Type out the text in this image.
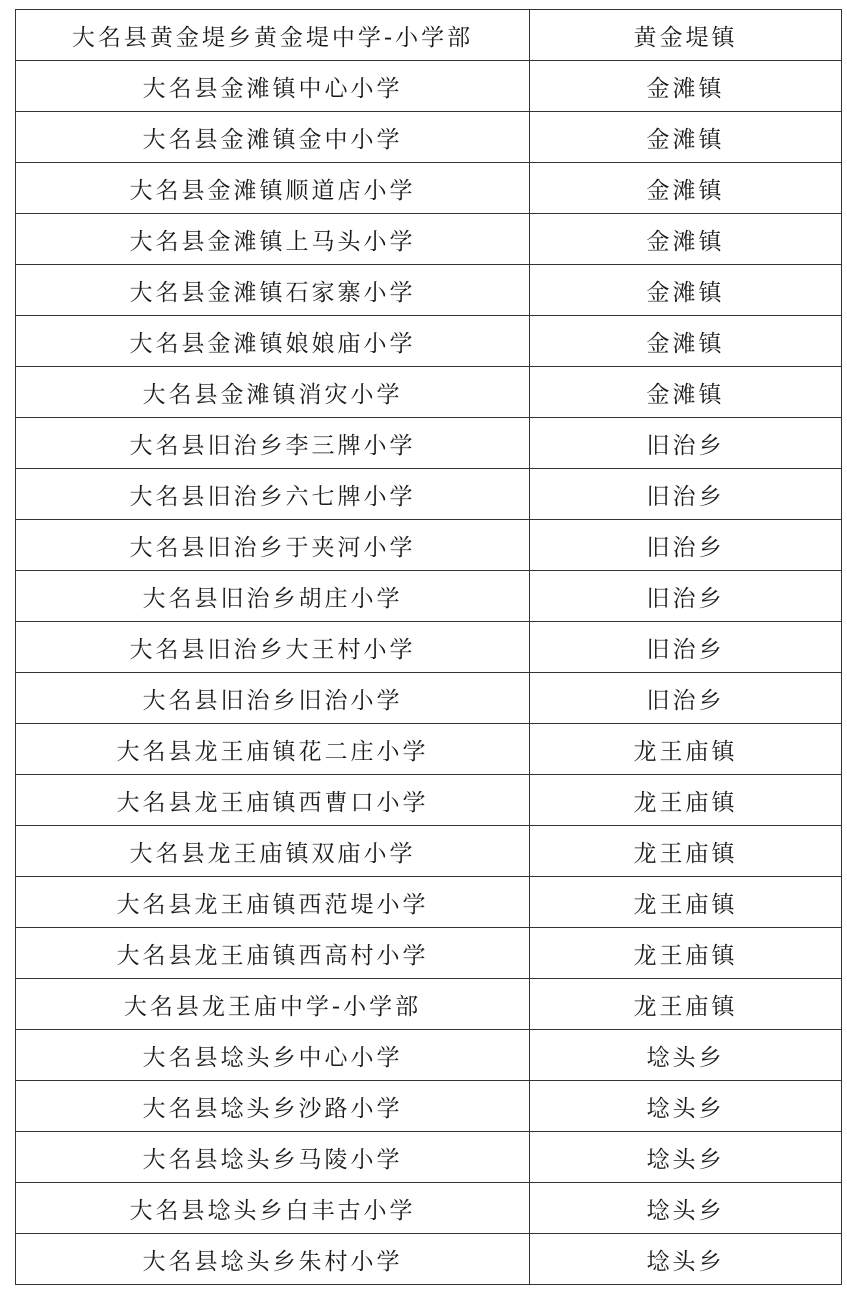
大名县黄金堤乡黄金堤中学-小学部	黄金堤镇
大名县金滩镇中心小学	金滩镇
大名县金滩镇金中小学	金滩镇
大名县金滩镇顺道店小学	金滩镇
大名县金滩镇上马头小学	金滩镇
大名县金滩镇石家寨小学	金滩镇
大名县金滩镇娘娘庙小学	金滩镇
大名县金滩镇消灾小学	金滩镇
大名县旧治乡李三牌小学	旧治乡
大名县旧治乡六七牌小学	旧治乡
大名县旧治乡于夹河小学	旧治乡
大名县旧治乡胡庄小学	旧治乡
大名县旧治乡大王村小学	旧治乡
大名县旧治乡旧治小学	旧治乡
大名县龙王庙镇花二庄小学	龙王庙镇
大名县龙王庙镇西曹口小学	龙王庙镇
大名县龙王庙镇双庙小学	龙王庙镇
大名县龙王庙镇西范堤小学	龙王庙镇
大名县龙王庙镇西高村小学	龙王庙镇
大名县龙王庙中学-小学部	龙王庙镇
大名县埝头乡中心小学	埝头乡
大名县埝头乡沙路小学	埝头乡
大名县埝头乡马陵小学	埝头乡
大名县埝头乡白丰古小学	埝头乡
大名县埝头乡朱村小学	埝头乡
